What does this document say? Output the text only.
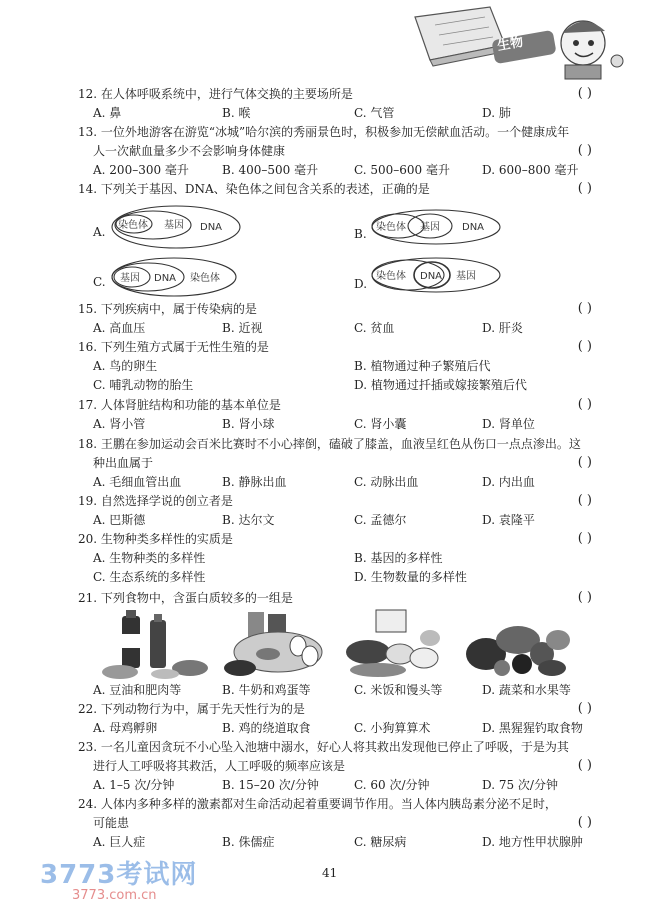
生物
12. 在人体呼吸系统中，进行气体交换的主要场所是	( )
A. 鼻	B. 喉	C. 气管	D. 肺
13. 一位外地游客在游览“冰城”哈尔滨的秀丽景色时，积极参加无偿献血活动。一个健康成年
人一次献血量多少不会影响身体健康	( )
A. 200–300 毫升	B. 400–500 毫升	C. 500–600 毫升	D. 600–800 毫升
14. 下列关于基因、DNA、染色体之间包含关系的表述，正确的是	( )
A.	B.
C.	D.
染色体 基因 DNA	染色体 基因 DNA
基因 DNA 染色体	染色体 DNA 基因
15. 下列疾病中，属于传染病的是	( )
A. 高血压	B. 近视	C. 贫血	D. 肝炎
16. 下列生殖方式属于无性生殖的是	( )
A. 鸟的卵生	B. 植物通过种子繁殖后代
C. 哺乳动物的胎生	D. 植物通过扦插或嫁接繁殖后代
17. 人体肾脏结构和功能的基本单位是	( )
A. 肾小管	B. 肾小球	C. 肾小囊	D. 肾单位
18. 王鹏在参加运动会百米比赛时不小心摔倒，磕破了膝盖，血液呈红色从伤口一点点渗出。这
种出血属于	( )
A. 毛细血管出血	B. 静脉出血	C. 动脉出血	D. 内出血
19. 自然选择学说的创立者是	( )
A. 巴斯德	B. 达尔文	C. 孟德尔	D. 袁隆平
20. 生物种类多样性的实质是	( )
A. 生物种类的多样性	B. 基因的多样性
C. 生态系统的多样性	D. 生物数量的多样性
21. 下列食物中，含蛋白质较多的一组是	( )
A. 豆油和肥肉等	B. 牛奶和鸡蛋等	C. 米饭和馒头等	D. 蔬菜和水果等
22. 下列动物行为中，属于先天性行为的是	( )
A. 母鸡孵卵	B. 鸡的绕道取食	C. 小狗算算术	D. 黑猩猩钓取食物
23. 一名儿童因贪玩不小心坠入池塘中溺水，好心人将其救出发现他已停止了呼吸，于是为其
进行人工呼吸将其救活，人工呼吸的频率应该是	( )
A. 1–5 次/分钟	B. 15–20 次/分钟	C. 60 次/分钟	D. 75 次/分钟
24. 人体内多种多样的激素都对生命活动起着重要调节作用。当人体内胰岛素分泌不足时，
可能患	( )
A. 巨人症	B. 侏儒症	C. 糖尿病	D. 地方性甲状腺肿
41
3773考试网
3773.com.cn
